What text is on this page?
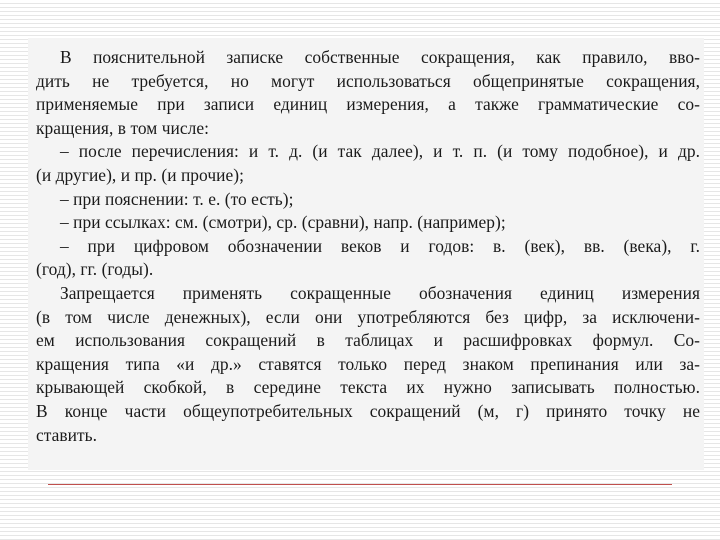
В пояснительной записке собственные сокращения, как правило, вво-
дить не требуется, но могут использоваться общепринятые сокращения,
применяемые при записи единиц измерения, а также грамматические со-
кращения, в том числе:
– после перечисления: и т. д. (и так далее), и т. п. (и тому подобное), и др.
(и другие), и пр. (и прочие);
– при пояснении: т. е. (то есть);
– при ссылках: см. (смотри), ср. (сравни), напр. (например);
– при цифровом обозначении веков и годов: в. (век), вв. (века), г.
(год), гг. (годы).
Запрещается применять сокращенные обозначения единиц измерения
(в том числе денежных), если они употребляются без цифр, за исключени-
ем использования сокращений в таблицах и расшифровках формул. Со-
кращения типа «и др.» ставятся только перед знаком препинания или за-
крывающей скобкой, в середине текста их нужно записывать полностью.
В конце части общеупотребительных сокращений (м, г) принято точку не
ставить.
